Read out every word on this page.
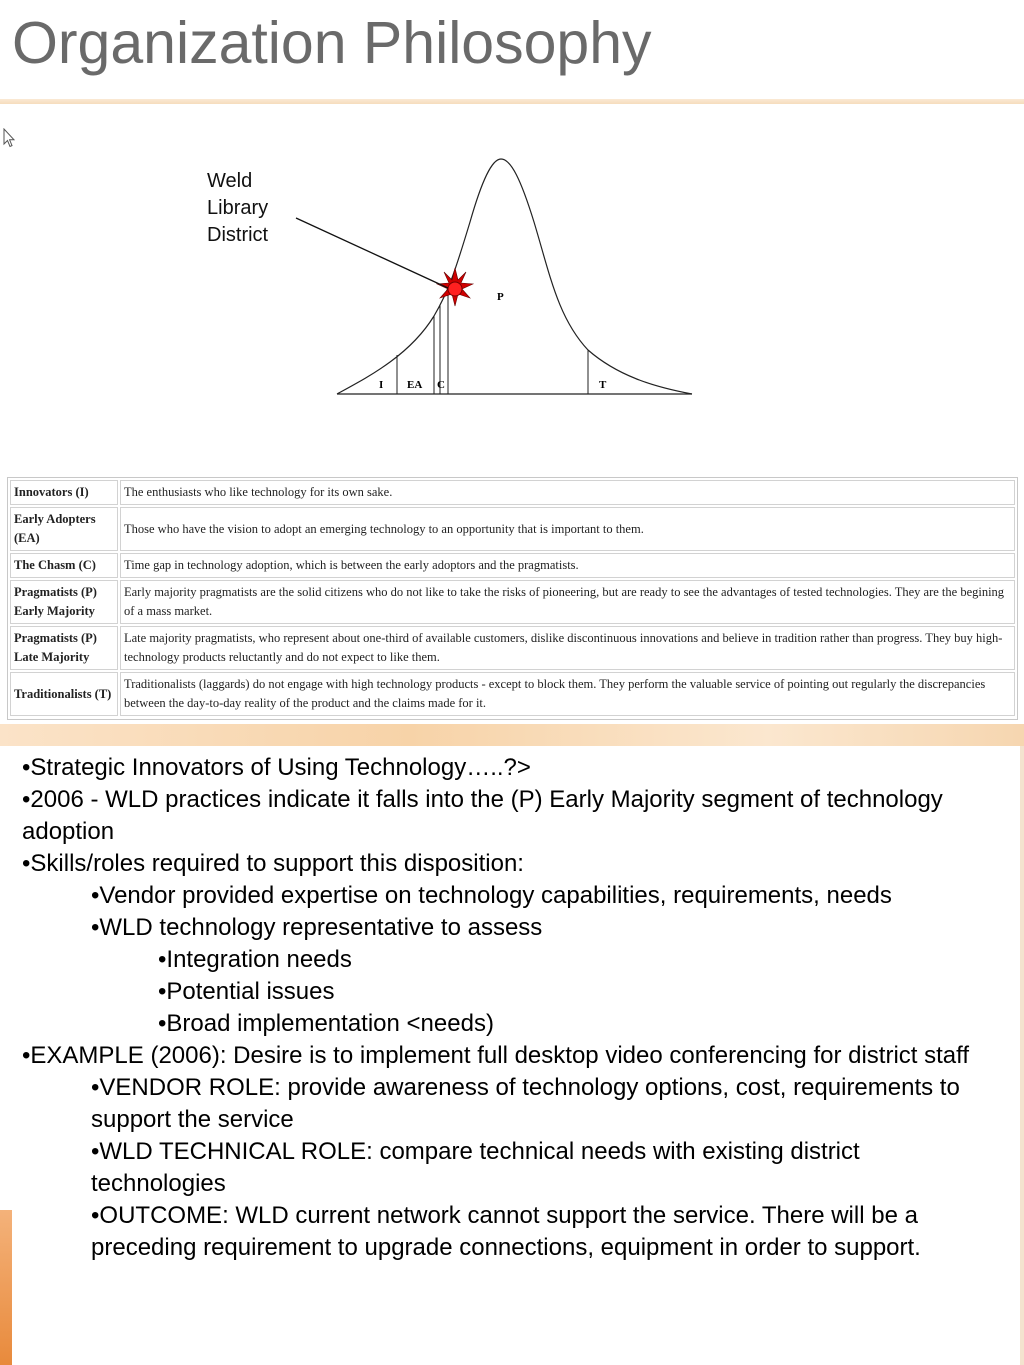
Organization Philosophy
I EA C
P
T
Weld
Library
District
Innovators (I)	The enthusiasts who like technology for its own sake.

Early Adopters
(EA)	Those who have the vision to adopt an emerging technology to an opportunity that is important to them.

The Chasm (C)	Time gap in technology adoption, which is between the early adoptors and the pragmatists.

Pragmatists (P)
Early Majority	Early majority pragmatists are the solid citizens who do not like to take the risks of pioneering, but are ready to see the advantages of tested technologies. They are the begining of a mass market.

Pragmatists (P)
Late Majority	Late majority pragmatists, who represent about one-third of available customers, dislike discontinuous innovations and believe in tradition rather than progress. They buy high-technology products reluctantly and do not expect to like them.

Traditionalists (T)	Traditionalists (laggards) do not engage with high technology products - except to block them. They perform the valuable service of pointing out regularly the discrepancies between the day-to-day reality of the product and the claims made for it.

•Strategic Innovators of Using Technology…..?>

•2006 - WLD practices indicate it falls into the (P) Early Majority segment of technology adoption

•Skills/roles required to support this disposition:

•Vendor provided expertise on technology capabilities, requirements, needs

•WLD technology representative to assess

•Integration needs

•Potential issues

•Broad implementation <needs)

•EXAMPLE (2006): Desire is to implement full desktop video conferencing for district staff

•VENDOR ROLE: provide awareness of technology options, cost, requirements to support the service

•WLD TECHNICAL ROLE: compare technical needs with existing district technologies

•OUTCOME: WLD current network cannot support the service. There will be a preceding requirement to upgrade connections, equipment in order to support.
